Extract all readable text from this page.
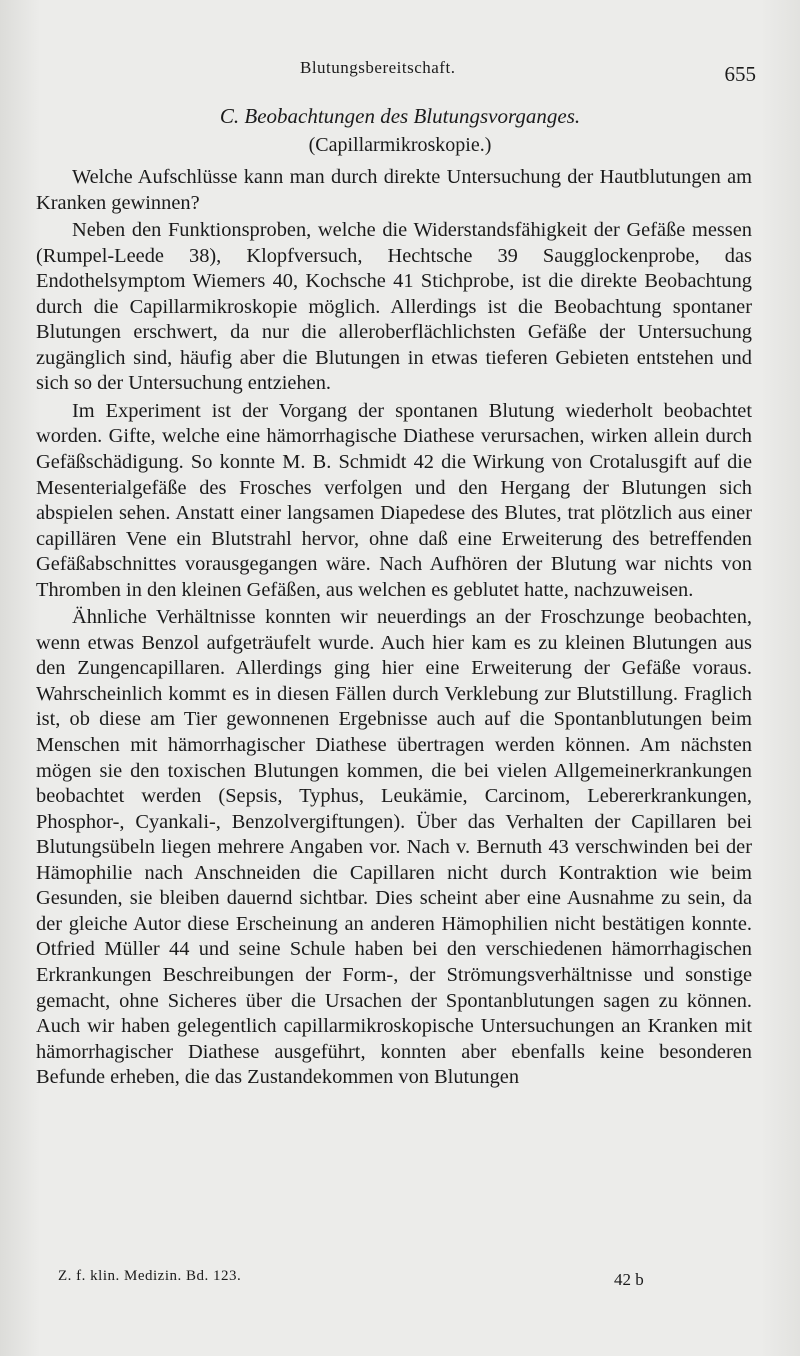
Blutungsbereitschaft.	655
C. Beobachtungen des Blutungsvorganges.
(Capillarmikroskopie.)

Welche Aufschlüsse kann man durch direkte Untersuchung der Hautblutungen am Kranken gewinnen?

Neben den Funktionsproben, welche die Widerstandsfähigkeit der Gefäße messen (Rumpel-Leede 38), Klopfversuch, Hechtsche 39 Saugglockenprobe, das Endothelsymptom Wiemers 40, Kochsche 41 Stichprobe, ist die direkte Beobachtung durch die Capillarmikroskopie möglich. Allerdings ist die Beobachtung spontaner Blutungen erschwert, da nur die alleroberflächlichsten Gefäße der Untersuchung zugänglich sind, häufig aber die Blutungen in etwas tieferen Gebieten entstehen und sich so der Untersuchung entziehen.

Im Experiment ist der Vorgang der spontanen Blutung wiederholt beobachtet worden. Gifte, welche eine hämorrhagische Diathese verursachen, wirken allein durch Gefäßschädigung. So konnte M. B. Schmidt 42 die Wirkung von Crotalusgift auf die Mesenterialgefäße des Frosches verfolgen und den Hergang der Blutungen sich abspielen sehen. Anstatt einer langsamen Diapedese des Blutes, trat plötzlich aus einer capillären Vene ein Blutstrahl hervor, ohne daß eine Erweiterung des betreffenden Gefäßabschnittes vorausgegangen wäre. Nach Aufhören der Blutung war nichts von Thromben in den kleinen Gefäßen, aus welchen es geblutet hatte, nachzuweisen.

Ähnliche Verhältnisse konnten wir neuerdings an der Froschzunge beobachten, wenn etwas Benzol aufgeträufelt wurde. Auch hier kam es zu kleinen Blutungen aus den Zungencapillaren. Allerdings ging hier eine Erweiterung der Gefäße voraus. Wahrscheinlich kommt es in diesen Fällen durch Verklebung zur Blutstillung. Fraglich ist, ob diese am Tier gewonnenen Ergebnisse auch auf die Spontanblutungen beim Menschen mit hämorrhagischer Diathese übertragen werden können. Am nächsten mögen sie den toxischen Blutungen kommen, die bei vielen Allgemeinerkrankungen beobachtet werden (Sepsis, Typhus, Leukämie, Carcinom, Lebererkrankungen, Phosphor-, Cyankali-, Benzolvergiftungen). Über das Verhalten der Capillaren bei Blutungsübeln liegen mehrere Angaben vor. Nach v. Bernuth 43 verschwinden bei der Hämophilie nach Anschneiden die Capillaren nicht durch Kontraktion wie beim Gesunden, sie bleiben dauernd sichtbar. Dies scheint aber eine Ausnahme zu sein, da der gleiche Autor diese Erscheinung an anderen Hämophilien nicht bestätigen konnte. Otfried Müller 44 und seine Schule haben bei den verschiedenen hämorrhagischen Erkrankungen Beschreibungen der Form-, der Strömungsverhältnisse und sonstige gemacht, ohne Sicheres über die Ursachen der Spontanblutungen sagen zu können. Auch wir haben gelegentlich capillarmikroskopische Untersuchungen an Kranken mit hämorrhagischer Diathese ausgeführt, konnten aber ebenfalls keine besonderen Befunde erheben, die das Zustandekommen von Blutungen

Z. f. klin. Medizin. Bd. 123.	42 b
